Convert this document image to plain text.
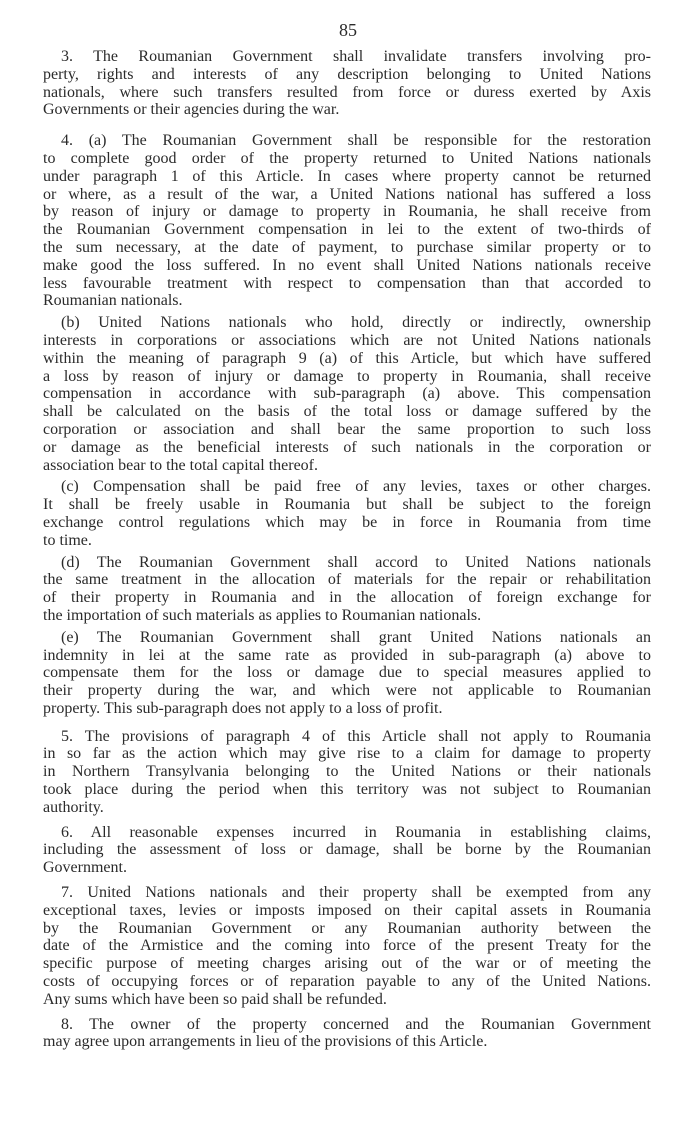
85
3. The Roumanian Government shall invalidate transfers involving pro-
perty, rights and interests of any description belonging to United Nations
nationals, where such transfers resulted from force or duress exerted by Axis
Governments or their agencies during the war.
4. (a) The Roumanian Government shall be responsible for the restoration
to complete good order of the property returned to United Nations nationals
under paragraph 1 of this Article. In cases where property cannot be returned
or where, as a result of the war, a United Nations national has suffered a loss
by reason of injury or damage to property in Roumania, he shall receive from
the Roumanian Government compensation in lei to the extent of two-thirds of
the sum necessary, at the date of payment, to purchase similar property or to
make good the loss suffered. In no event shall United Nations nationals receive
less favourable treatment with respect to compensation than that accorded to
Roumanian nationals.
(b) United Nations nationals who hold, directly or indirectly, ownership
interests in corporations or associations which are not United Nations nationals
within the meaning of paragraph 9 (a) of this Article, but which have suffered
a loss by reason of injury or damage to property in Roumania, shall receive
compensation in accordance with sub-paragraph (a) above. This compensation
shall be calculated on the basis of the total loss or damage suffered by the
corporation or association and shall bear the same proportion to such loss
or damage as the beneficial interests of such nationals in the corporation or
association bear to the total capital thereof.
(c) Compensation shall be paid free of any levies, taxes or other charges.
It shall be freely usable in Roumania but shall be subject to the foreign
exchange control regulations which may be in force in Roumania from time
to time.
(d) The Roumanian Government shall accord to United Nations nationals
the same treatment in the allocation of materials for the repair or rehabilitation
of their property in Roumania and in the allocation of foreign exchange for
the importation of such materials as applies to Roumanian nationals.
(e) The Roumanian Government shall grant United Nations nationals an
indemnity in lei at the same rate as provided in sub-paragraph (a) above to
compensate them for the loss or damage due to special measures applied to
their property during the war, and which were not applicable to Roumanian
property. This sub-paragraph does not apply to a loss of profit.
5. The provisions of paragraph 4 of this Article shall not apply to Roumania
in so far as the action which may give rise to a claim for damage to property
in Northern Transylvania belonging to the United Nations or their nationals
took place during the period when this territory was not subject to Roumanian
authority.
6. All reasonable expenses incurred in Roumania in establishing claims,
including the assessment of loss or damage, shall be borne by the Roumanian
Government.
7. United Nations nationals and their property shall be exempted from any
exceptional taxes, levies or imposts imposed on their capital assets in Roumania
by the Roumanian Government or any Roumanian authority between the
date of the Armistice and the coming into force of the present Treaty for the
specific purpose of meeting charges arising out of the war or of meeting the
costs of occupying forces or of reparation payable to any of the United Nations.
Any sums which have been so paid shall be refunded.
8. The owner of the property concerned and the Roumanian Government
may agree upon arrangements in lieu of the provisions of this Article.
